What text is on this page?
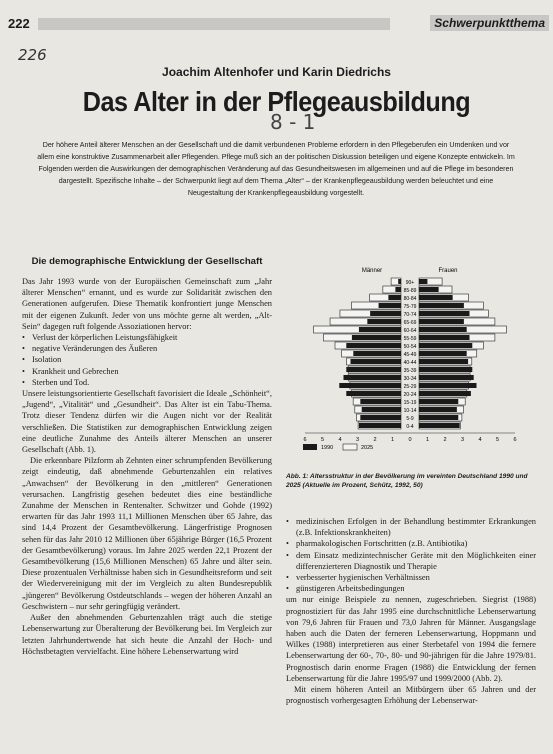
222	Schwerpunktthema
226
8 - 1
Joachim Altenhofer und Karin Diedrichs
Das Alter in der Pflegeausbildung
Der höhere Anteil älterer Menschen an der Gesellschaft und die damit verbundenen Probleme erfordern in den Pflegeberufen ein Umdenken und vor allem eine konstruktive Zusammenarbeit aller Pflegenden. Pflege muß sich an der politischen Diskussion beteiligen und eigene Konzepte entwickeln. Im Folgenden werden die Auswirkungen der demographischen Veränderung auf das Gesundheitswesen im allgemeinen und auf die Pflege im besonderen dargestellt. Spezifische Inhalte – der Schwerpunkt liegt auf dem Thema „Alter“ – der Krankenpflegeausbildung werden beleuchtet und eine Neugestaltung der Krankenpflegeausbildung vorgestellt.
Die demographische Entwicklung der Gesellschaft

Das Jahr 1993 wurde von der Europäischen Gemeinschaft zum „Jahr älterer Menschen“ ernannt, und es wurde zur Solidarität zwischen den Generationen aufgerufen. Diese Thematik konfrontiert junge Menschen mit der eigenen Zukunft. Jeder von uns möchte gerne alt werden, „Alt-Sein“ dagegen ruft folgende Assoziationen hervor:

• Verlust der körperlichen Leistungsfähigkeit
• negative Veränderungen des Äußeren
• Isolation
• Krankheit und Gebrechen
• Sterben und Tod.

Unsere leistungsorientierte Gesellschaft favorisiert die Ideale „Schönheit“, „Jugend“, „Vitalität“ und „Gesundheit“. Das Alter ist ein Tabu-Thema. Trotz dieser Tendenz dürfen wir die Augen nicht vor der Realität verschließen. Die Statistiken zur demographischen Entwicklung zeigen eine deutliche Zunahme des Anteils älterer Menschen an unserer Gesellschaft (Abb. 1).

Die erkennbare Pilzform ab Zehnten einer schrumpfenden Bevölkerung zeigt eindeutig, daß abnehmende Geburtenzahlen ein relatives „Anwachsen“ der Bevölkerung in den „mittleren“ Generationen verursachen. Langfristig gesehen bedeutet dies eine beständliche Zunahme der Menschen in Rentenalter. Schwitzer und Gohde (1992) erwarten für das Jahr 1993 11,1 Millionen Menschen über 65 Jahre, das sind 14,4 Prozent der Gesamtbevölkerung. Längerfristige Prognosen sehen für das Jahr 2010 12 Millionen über 65jährige Bürger (16,5 Prozent der Gesamtbevölkerung) voraus. Im Jahre 2025 werden 22,1 Prozent der Gesamtbevölkerung (15,6 Millionen Menschen) 65 Jahre und älter sein. Diese prozentualen Verhältnisse haben sich in Gesundheitsreform und seit der Wiedervereinigung mit der im Vergleich zu alten Bundesrepublik „jüngeren“ Bevölkerung Ostdeutschlands – wegen der höheren Anzahl an Geschwistern – nur sehr geringfügig verändert.

Außer den abnehmenden Geburtenzahlen trägt auch die stetige Lebenserwartung zur Überalterung der Bevölkerung bei. Im Vergleich zur letzten Jahrhundertwende hat sich heute die Anzahl der Hoch- und Höchstbetagten vervielfacht. Eine höhere Lebenserwartung wird

Männer	Frauen
90+
85-89
80-84
75-79
70-74
65-69
60-64
55-59
50-54
45-49
40-44
35-39
30-34
25-29
20-24
15-19
10-14
5-9
0-4
6	5	4	3	2	1	0	1	2	3	4	5	6
1990	2025
Abb. 1: Altersstruktur in der Bevölkerung im vereinten Deutschland 1990 und 2025 (Aktuelle im Prozent, Schütz, 1992, 50)
• medizinischen Erfolgen in der Behandlung bestimmter Erkrankungen (z.B. Infektionskrankheiten)
• pharmakologischen Fortschritten (z.B. Antibiotika)
• dem Einsatz medizintechnischer Geräte mit den Möglichkeiten einer differenzierteren Diagnostik und Therapie
• verbesserter hygienischen Verhältnissen
• günstigeren Arbeitsbedingungen

um nur einige Beispiele zu nennen, zugeschrieben. Siegrist (1988) prognostiziert für das Jahr 1995 eine durchschnittliche Lebenserwartung von 79,6 Jahren für Frauen und 73,0 Jahren für Männer. Ausgangslage haben auch die Daten der ferneren Lebenserwartung, Hoppmann und Wilkes (1988) interpretieren aus einer Sterbetafel von 1994 die fernere Lebenserwartung der 60-, 70-, 80- und 90-jährigen für die Jahre 1979/81. Prognostisch darin enorme Fragen (1988) die Entwicklung der fernen Lebenserwartung für die Jahre 1995/97 und 1999/2000 (Abb. 2).

Mit einem höheren Anteil an Mitbürgern über 65 Jahren und der prognostisch vorhergesagten Erhöhung der Lebenserwar-
